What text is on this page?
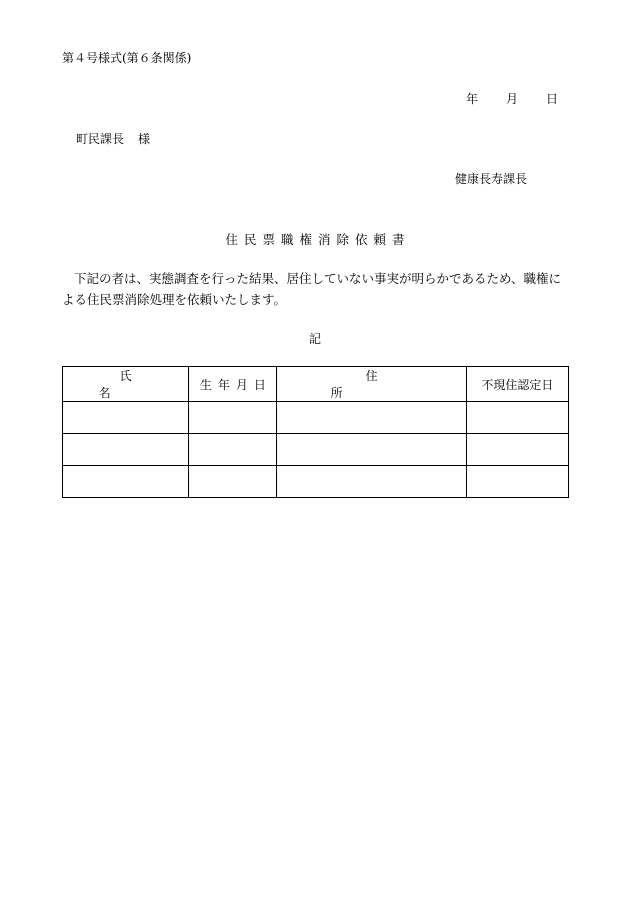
第４号様式(第６条関係)
年 月 日
町民課長 様
健康長寿課長
住民票職権消除依頼書
下記の者は、実態調査を行った結果、居住していない事実が明らかであるため、職権による住民票消除処理を依頼いたします。
記
氏名	生年月日	住所	不現住認定日
